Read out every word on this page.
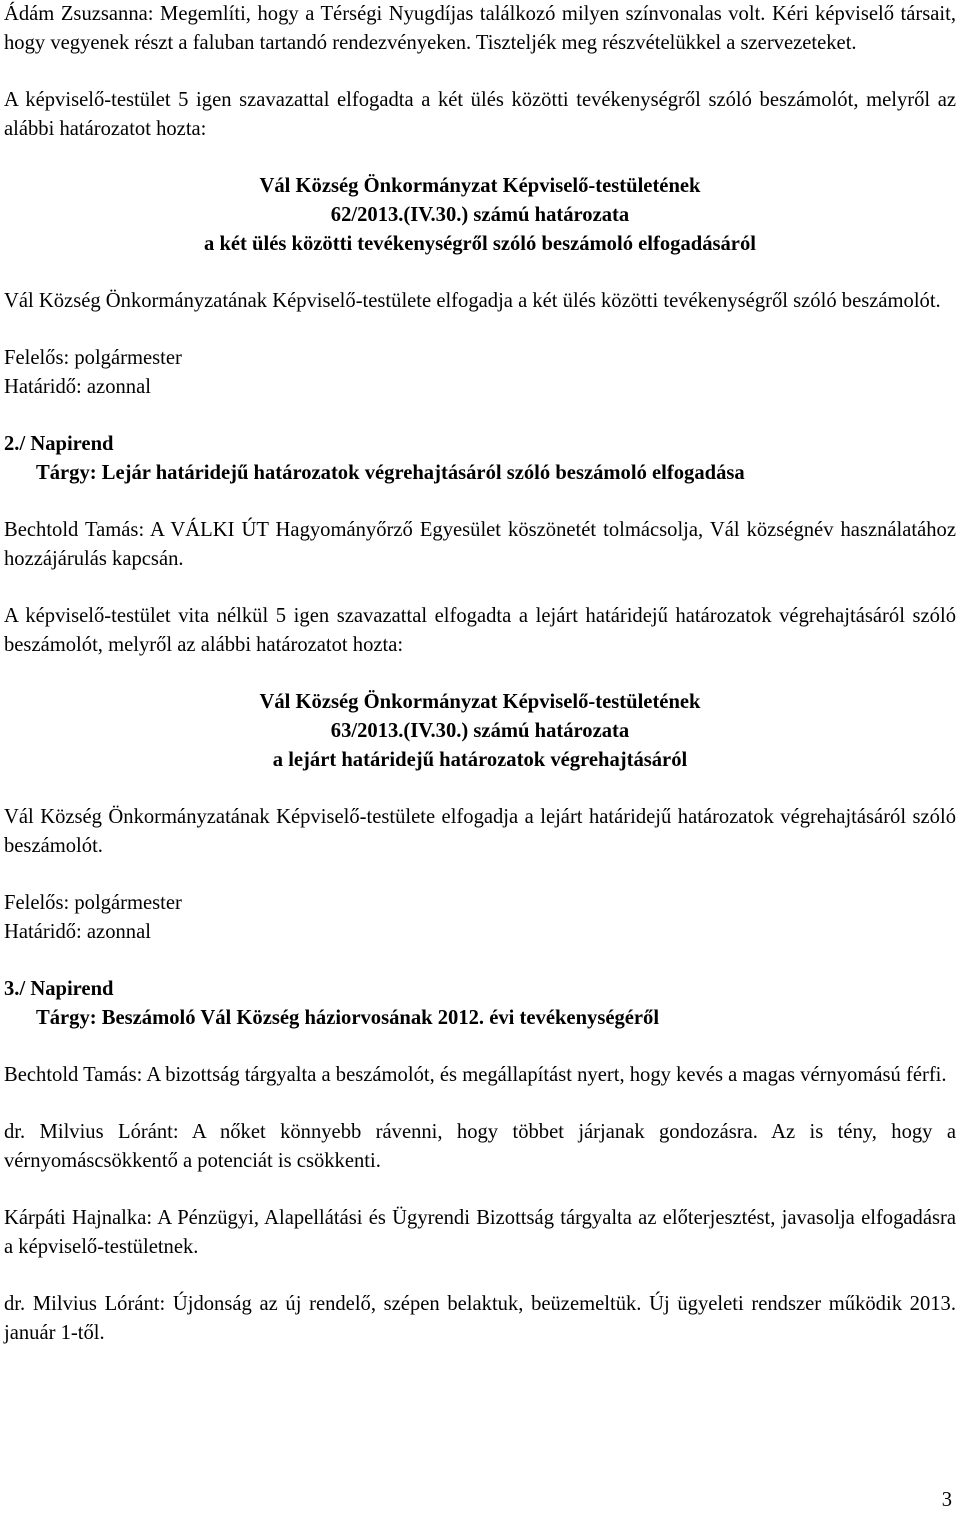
Ádám Zsuzsanna: Megemlíti, hogy a Térségi Nyugdíjas találkozó milyen színvonalas volt. Kéri képviselő társait, hogy vegyenek részt a faluban tartandó rendezvényeken. Tiszteljék meg részvételükkel a szervezeteket.

A képviselő-testület 5 igen szavazattal elfogadta a két ülés közötti tevékenységről szóló beszámolót, melyről az alábbi határozatot hozta:

Vál Község Önkormányzat Képviselő-testületének
62/2013.(IV.30.) számú határozata
a két ülés közötti tevékenységről szóló beszámoló elfogadásáról

Vál Község Önkormányzatának Képviselő-testülete elfogadja a két ülés közötti tevékenységről szóló beszámolót.

Felelős: polgármester

Határidő: azonnal

2./ Napirend

Tárgy: Lejár határidejű határozatok végrehajtásáról szóló beszámoló elfogadása

Bechtold Tamás: A VÁLKI ÚT Hagyományőrző Egyesület köszönetét tolmácsolja, Vál községnév használatához hozzájárulás kapcsán.

A képviselő-testület vita nélkül 5 igen szavazattal elfogadta a lejárt határidejű határozatok végrehajtásáról szóló beszámolót, melyről az alábbi határozatot hozta:

Vál Község Önkormányzat Képviselő-testületének
63/2013.(IV.30.) számú határozata
a lejárt határidejű határozatok végrehajtásáról

Vál Község Önkormányzatának Képviselő-testülete elfogadja a lejárt határidejű határozatok végrehajtásáról szóló beszámolót.

Felelős: polgármester

Határidő: azonnal

3./ Napirend

Tárgy: Beszámoló Vál Község háziorvosának 2012. évi tevékenységéről

Bechtold Tamás: A bizottság tárgyalta a beszámolót, és megállapítást nyert, hogy kevés a magas vérnyomású férfi.

dr. Milvius Lóránt: A nőket könnyebb rávenni, hogy többet járjanak gondozásra. Az is tény, hogy a vérnyomáscsökkentő a potenciát is csökkenti.

Kárpáti Hajnalka: A Pénzügyi, Alapellátási és Ügyrendi Bizottság tárgyalta az előterjesztést, javasolja elfogadásra a képviselő-testületnek.

dr. Milvius Lóránt: Újdonság az új rendelő, szépen belaktuk, beüzemeltük. Új ügyeleti rendszer működik 2013. január 1-től.

3
